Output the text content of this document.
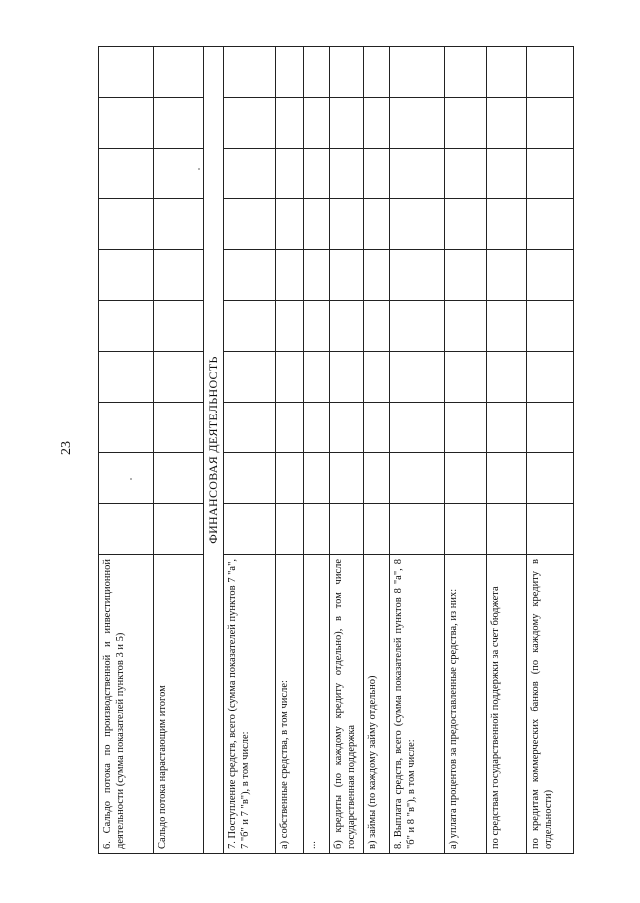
23
6. Сальдо потока по производственной и инвестиционной деятельности (сумма показателей пунктов 3 и 5)										
Сальдо потока нарастающим итогом										
ФИНАНСОВАЯ ДЕЯТЕЛЬНОСТЬ										
7. Поступление средств, всего (сумма показателей пунктов 7 "а", 7 "б" и 7 "в"), в том числе:										
а) собственные средства, в том числе:										
...										
б) кредиты (по каждому кредиту отдельно), в том числе государственная поддержка										
в) займы (по каждому займу отдельно)										
8. Выплата средств, всего (сумма показателей пунктов 8 "а", 8 "б" и 8 "в"), в том числе:										
а) уплата процентов за предоставленные средства, из них:										
по средствам государственной поддержки за счет бюджета										
по кредитам коммерческих банков (по каждому кредиту в отдельности)										
